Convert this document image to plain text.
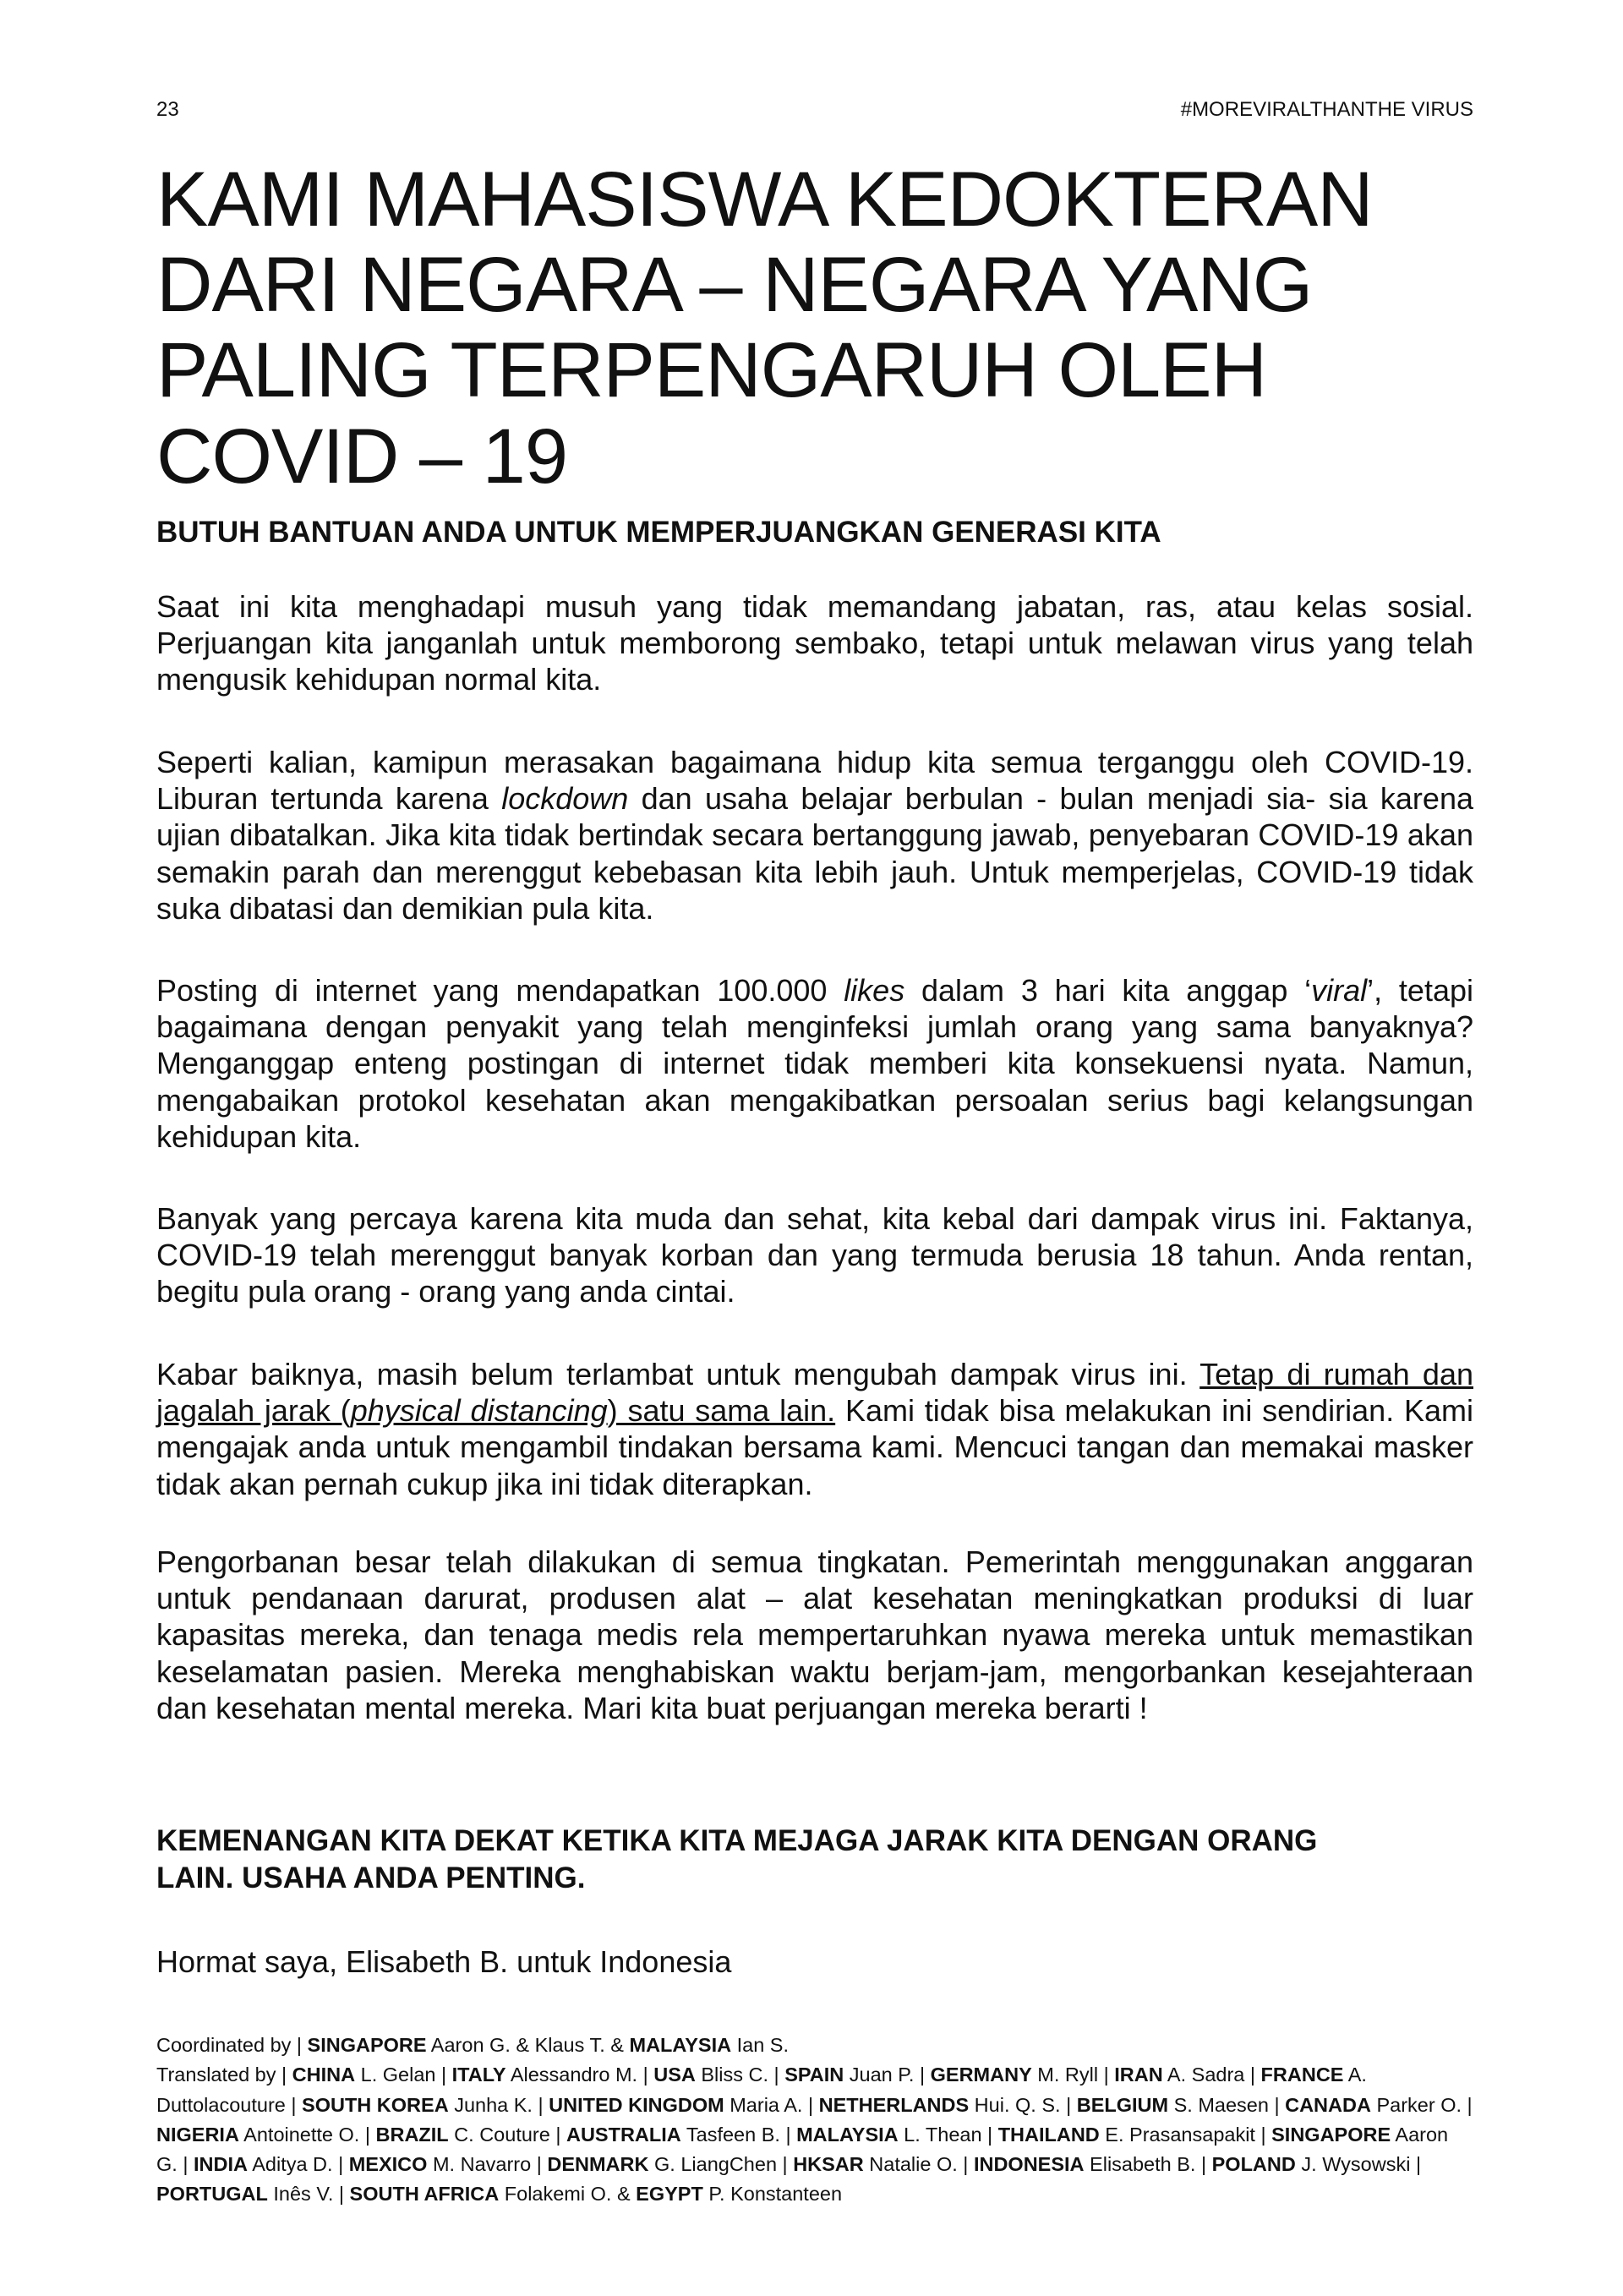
23	#MOREVIRALTHANTHE VIRUS
KAMI MAHASISWA KEDOKTERAN
DARI NEGARA – NEGARA YANG
PALING TERPENGARUH OLEH
COVID – 19
BUTUH BANTUAN ANDA UNTUK MEMPERJUANGKAN GENERASI KITA

Saat ini kita menghadapi musuh yang tidak memandang jabatan, ras, atau kelas sosial. Perjuangan kita janganlah untuk memborong sembako, tetapi untuk melawan virus yang telah mengusik kehidupan normal kita.

Seperti kalian, kamipun merasakan bagaimana hidup kita semua terganggu oleh COVID-19. Liburan tertunda karena lockdown dan usaha belajar berbulan - bulan menjadi sia- sia karena ujian dibatalkan. Jika kita tidak bertindak secara bertanggung jawab, penyebaran COVID-19 akan semakin parah dan merenggut kebebasan kita lebih jauh. Untuk memperjelas, COVID-19 tidak suka dibatasi dan demikian pula kita.

Posting di internet yang mendapatkan 100.000 likes dalam 3 hari kita anggap ‘viral’, tetapi bagaimana dengan penyakit yang telah menginfeksi jumlah orang yang sama banyaknya? Menganggap enteng postingan di internet tidak memberi kita konsekuensi nyata. Namun, mengabaikan protokol kesehatan akan mengakibatkan persoalan serius bagi kelangsungan kehidupan kita.

Banyak yang percaya karena kita muda dan sehat, kita kebal dari dampak virus ini. Faktanya, COVID-19 telah merenggut banyak korban dan yang termuda berusia 18 tahun. Anda rentan, begitu pula orang - orang yang anda cintai.

Kabar baiknya, masih belum terlambat untuk mengubah dampak virus ini. Tetap di rumah dan jagalah jarak (physical distancing) satu sama lain. Kami tidak bisa melakukan ini sendirian. Kami mengajak anda untuk mengambil tindakan bersama kami. Mencuci tangan dan memakai masker tidak akan pernah cukup jika ini tidak diterapkan.

Pengorbanan besar telah dilakukan di semua tingkatan. Pemerintah menggunakan anggaran untuk pendanaan darurat, produsen alat – alat kesehatan meningkatkan produksi di luar kapasitas mereka, dan tenaga medis rela mempertaruhkan nyawa mereka untuk memastikan keselamatan pasien. Mereka menghabiskan waktu berjam-jam, mengorbankan kesejahteraan dan kesehatan mental mereka. Mari kita buat perjuangan mereka berarti !

KEMENANGAN KITA DEKAT KETIKA KITA MEJAGA JARAK KITA DENGAN ORANG
LAIN. USAHA ANDA PENTING.

Hormat saya, Elisabeth B. untuk Indonesia

Coordinated by | SINGAPORE Aaron G. & Klaus T. & MALAYSIA Ian S.

Translated by | CHINA L. Gelan | ITALY Alessandro M. | USA Bliss C. | SPAIN Juan P. | GERMANY M. Ryll | IRAN A. Sadra | FRANCE A. Duttolacouture | SOUTH KOREA Junha K. | UNITED KINGDOM Maria A. | NETHERLANDS Hui. Q. S. | BELGIUM S. Maesen | CANADA Parker O. | NIGERIA Antoinette O. | BRAZIL C. Couture | AUSTRALIA Tasfeen B. | MALAYSIA L. Thean | THAILAND E. Prasansapakit | SINGAPORE Aaron G. | INDIA Aditya D. | MEXICO M. Navarro | DENMARK G. LiangChen | HKSAR Natalie O. | INDONESIA Elisabeth B. | POLAND J. Wysowski | PORTUGAL Inês V. | SOUTH AFRICA Folakemi O. & EGYPT P. Konstanteen
